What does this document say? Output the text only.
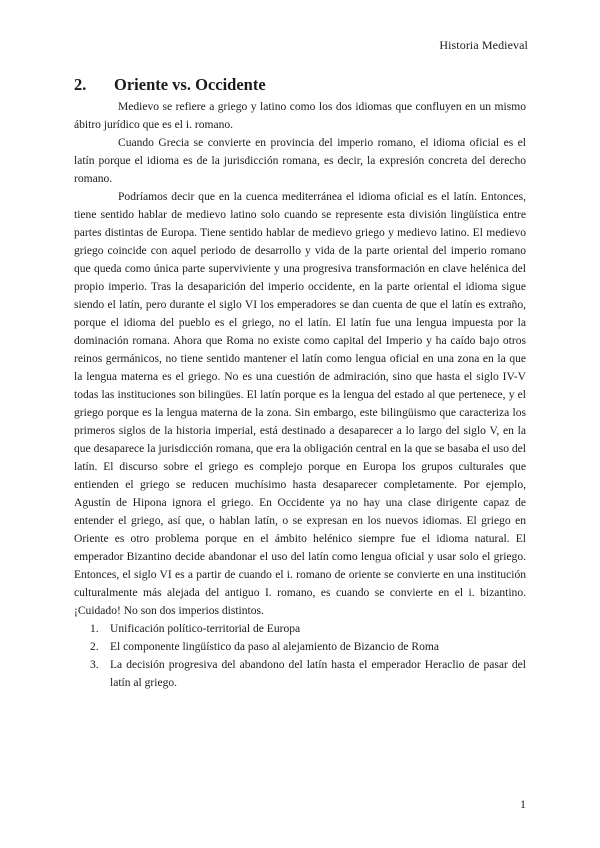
Historia Medieval
2. Oriente vs. Occidente

Medievo se refiere a griego y latino como los dos idiomas que confluyen en un mismo ábitro jurídico que es el i. romano.

Cuando Grecia se convierte en provincia del imperio romano, el idioma oficial es el latín porque el idioma es de la jurisdicción romana, es decir, la expresión concreta del derecho romano.

Podríamos decir que en la cuenca mediterránea el idioma oficial es el latín. Entonces, tiene sentido hablar de medievo latino solo cuando se represente esta división lingüística entre partes distintas de Europa. Tiene sentido hablar de medievo griego y medievo latino. El medievo griego coincide con aquel periodo de desarrollo y vida de la parte oriental del imperio romano que queda como única parte superviviente y una progresiva transformación en clave helénica del propio imperio. Tras la desaparición del imperio occidente, en la parte oriental el idioma sigue siendo el latín, pero durante el siglo VI los emperadores se dan cuenta de que el latín es extraño, porque el idioma del pueblo es el griego, no el latín. El latín fue una lengua impuesta por la dominación romana. Ahora que Roma no existe como capital del Imperio y ha caído bajo otros reinos germánicos, no tiene sentido mantener el latín como lengua oficial en una zona en la que la lengua materna es el griego. No es una cuestión de admiración, sino que hasta el siglo IV-V todas las instituciones son bilingües. El latín porque es la lengua del estado al que pertenece, y el griego porque es la lengua materna de la zona. Sin embargo, este bilingüismo que caracteriza los primeros siglos de la historia imperial, está destinado a desaparecer a lo largo del siglo V, en la que desaparece la jurisdicción romana, que era la obligación central en la que se basaba el uso del latín. El discurso sobre el griego es complejo porque en Europa los grupos culturales que entienden el griego se reducen muchísimo hasta desaparecer completamente. Por ejemplo, Agustín de Hipona ignora el griego. En Occidente ya no hay una clase dirigente capaz de entender el griego, así que, o hablan latín, o se expresan en los nuevos idiomas. El griego en Oriente es otro problema porque en el ámbito helénico siempre fue el idioma natural. El emperador Bizantino decide abandonar el uso del latín como lengua oficial y usar solo el griego. Entonces, el siglo VI es a partir de cuando el i. romano de oriente se convierte en una institución culturalmente más alejada del antiguo I. romano, es cuando se convierte en el i. bizantino. ¡Cuidado! No son dos imperios distintos.

1. Unificación político-territorial de Europa
2. El componente lingüístico da paso al alejamiento de Bizancio de Roma
3. La decisión progresiva del abandono del latín hasta el emperador Heraclio de pasar del latín al griego.
1
